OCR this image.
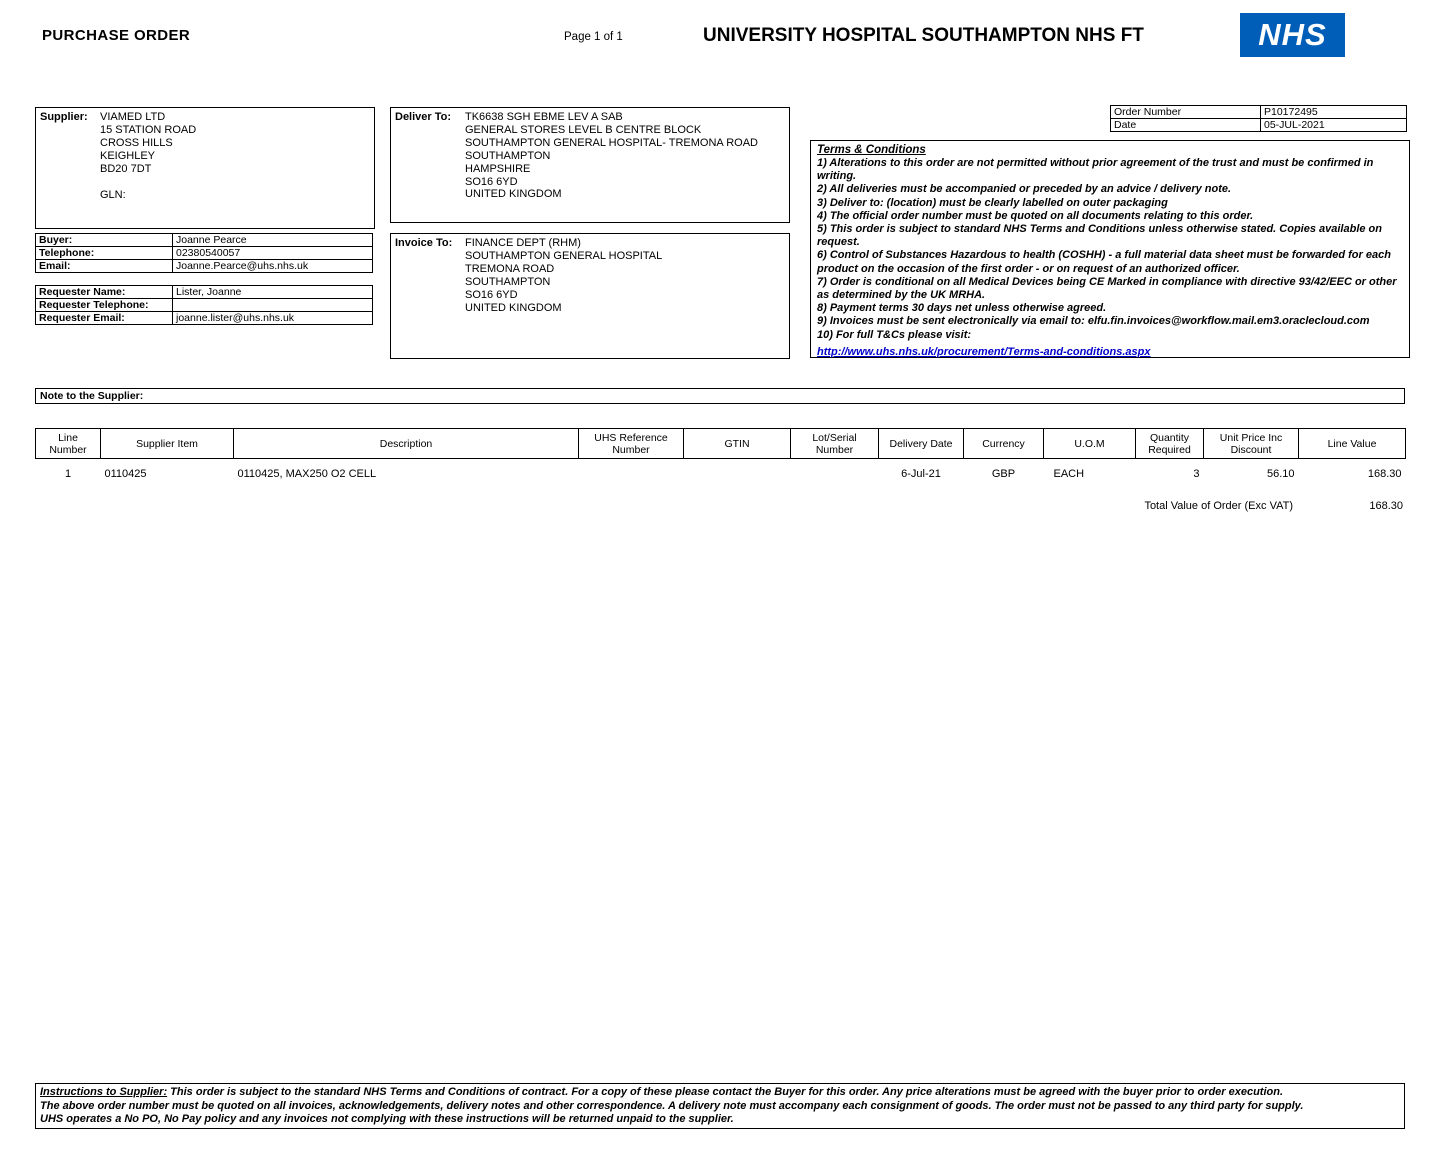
PURCHASE ORDER	Page 1 of 1	UNIVERSITY HOSPITAL SOUTHAMPTON NHS FT	NHS
Supplier: VIAMED LTD
15 STATION ROAD
CROSS HILLS
KEIGHLEY
BD20 7DT
GLN:
Deliver To: TK6638 SGH EBME LEV A SAB
GENERAL STORES LEVEL B CENTRE BLOCK
SOUTHAMPTON GENERAL HOSPITAL- TREMONA ROAD
SOUTHAMPTON
HAMPSHIRE
SO16 6YD
UNITED KINGDOM
Invoice To: FINANCE DEPT (RHM)
SOUTHAMPTON GENERAL HOSPITAL
TREMONA ROAD
SOUTHAMPTON
SO16 6YD
UNITED KINGDOM
Order Number	P10172495
Date	05-JUL-2021
Buyer:	Joanne Pearce
Telephone:	02380540057
Email:	Joanne.Pearce@uhs.nhs.uk
Requester Name:	Lister, Joanne
Requester Telephone:	
Requester Email:	joanne.lister@uhs.nhs.uk
Terms & Conditions
1) Alterations to this order are not permitted without prior agreement of the trust and must be confirmed in writing.
2) All deliveries must be accompanied or preceded by an advice / delivery note.
3) Deliver to: (location) must be clearly labelled on outer packaging
4) The official order number must be quoted on all documents relating to this order.
5) This order is subject to standard NHS Terms and Conditions unless otherwise stated. Copies available on request.
6) Control of Substances Hazardous to health (COSHH) - a full material data sheet must be forwarded for each product on the occasion of the first order - or on request of an authorized officer.
7) Order is conditional on all Medical Devices being CE Marked in compliance with directive 93/42/EEC or other as determined by the UK MRHA.
8) Payment terms 30 days net unless otherwise agreed.
9) Invoices must be sent electronically via email to: elfu.fin.invoices@workflow.mail.em3.oraclecloud.com
10) For full T&Cs please visit:
http://www.uhs.nhs.uk/procurement/Terms-and-conditions.aspx
Note to the Supplier:
Line Number	Supplier Item	Description	UHS Reference Number	GTIN	Lot/Serial Number	Delivery Date	Currency	U.O.M	Quantity Required	Unit Price Inc Discount	Line Value
1	0110425	0110425, MAX250 O2 CELL				6-Jul-21	GBP	EACH	3	56.10	168.30
Total Value of Order (Exc VAT)	168.30
Instructions to Supplier: This order is subject to the standard NHS Terms and Conditions of contract. For a copy of these please contact the Buyer for this order. Any price alterations must be agreed with the buyer prior to order execution.
The above order number must be quoted on all invoices, acknowledgements, delivery notes and other correspondence. A delivery note must accompany each consignment of goods. The order must not be passed to any third party for supply.
UHS operates a No PO, No Pay policy and any invoices not complying with these instructions will be returned unpaid to the supplier.
